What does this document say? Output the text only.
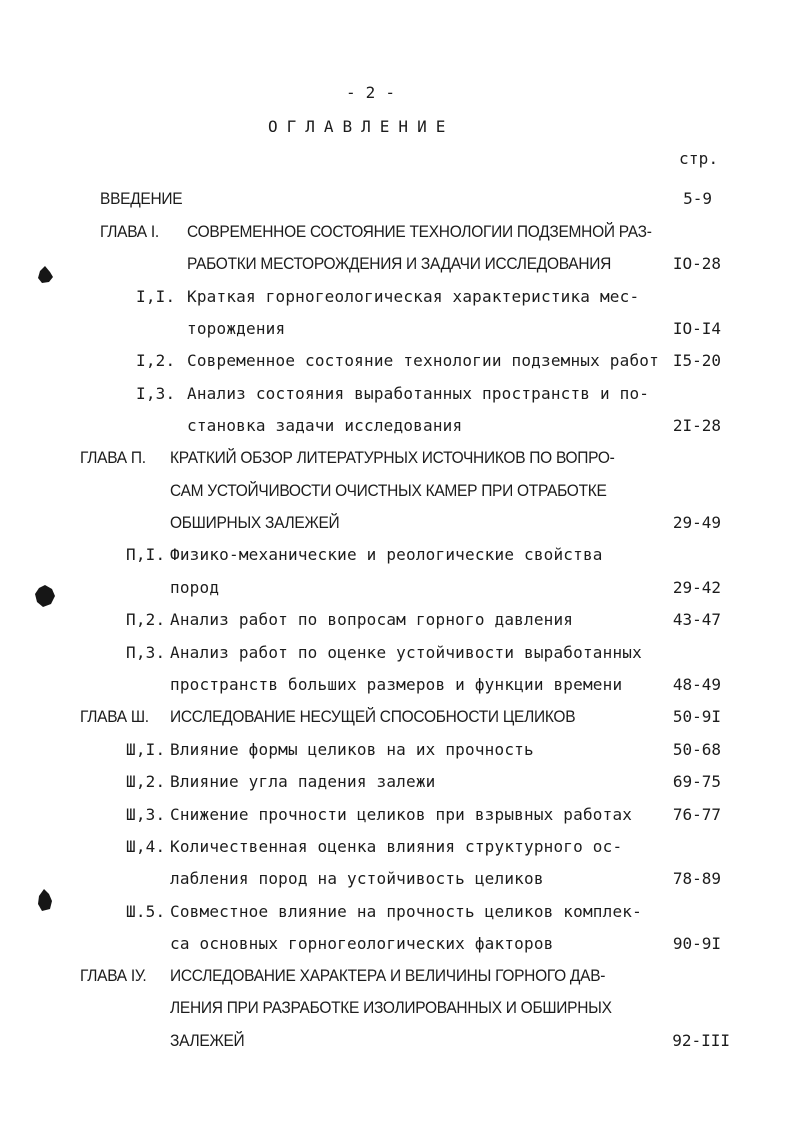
- 2 -
ОГЛАВЛЕНИЕ
стр.
ВВЕДЕНИЕ	5-9
ГЛАВА I. СОВРЕМЕННОЕ СОСТОЯНИЕ ТЕХНОЛОГИИ ПОДЗЕМНОЙ РАЗ-
РАБОТКИ МЕСТОРОЖДЕНИЯ И ЗАДАЧИ ИССЛЕДОВАНИЯ	IO-28
I,I. Краткая горногеологическая характеристика мес-
торождения	IO-I4
I,2. Современное состояние технологии подземных работ I5-20
I,3. Анализ состояния выработанных пространств и по-
становка задачи исследования	2I-28
ГЛАВА П. КРАТКИЙ ОБЗОР ЛИТЕРАТУРНЫХ ИСТОЧНИКОВ ПО ВОПРО-
САМ УСТОЙЧИВОСТИ ОЧИСТНЫХ КАМЕР ПРИ ОТРАБОТКЕ
ОБШИРНЫХ ЗАЛЕЖЕЙ	29-49
П,I. Физико-механические и реологические свойства
пород	29-42
П,2. Анализ работ по вопросам горного давления	43-47
П,3. Анализ работ по оценке устойчивости выработанных
пространств больших размеров и функции времени	48-49
ГЛАВА Ш. ИССЛЕДОВАНИЕ НЕСУЩЕЙ СПОСОБНОСТИ ЦЕЛИКОВ	50-9I
Ш,I. Влияние формы целиков на их прочность	50-68
Ш,2. Влияние угла падения залежи	69-75
Ш,3. Снижение прочности целиков при взрывных работах	76-77
Ш,4. Количественная оценка влияния структурного ос-
лабления пород на устойчивость целиков	78-89
Ш.5. Совместное влияние на прочность целиков комплек-
са основных горногеологических факторов	90-9I
ГЛАВА IУ. ИССЛЕДОВАНИЕ ХАРАКТЕРА И ВЕЛИЧИНЫ ГОРНОГО ДАВ-
ЛЕНИЯ ПРИ РАЗРАБОТКЕ ИЗОЛИРОВАННЫХ И ОБШИРНЫХ
ЗАЛЕЖЕЙ	92-III
